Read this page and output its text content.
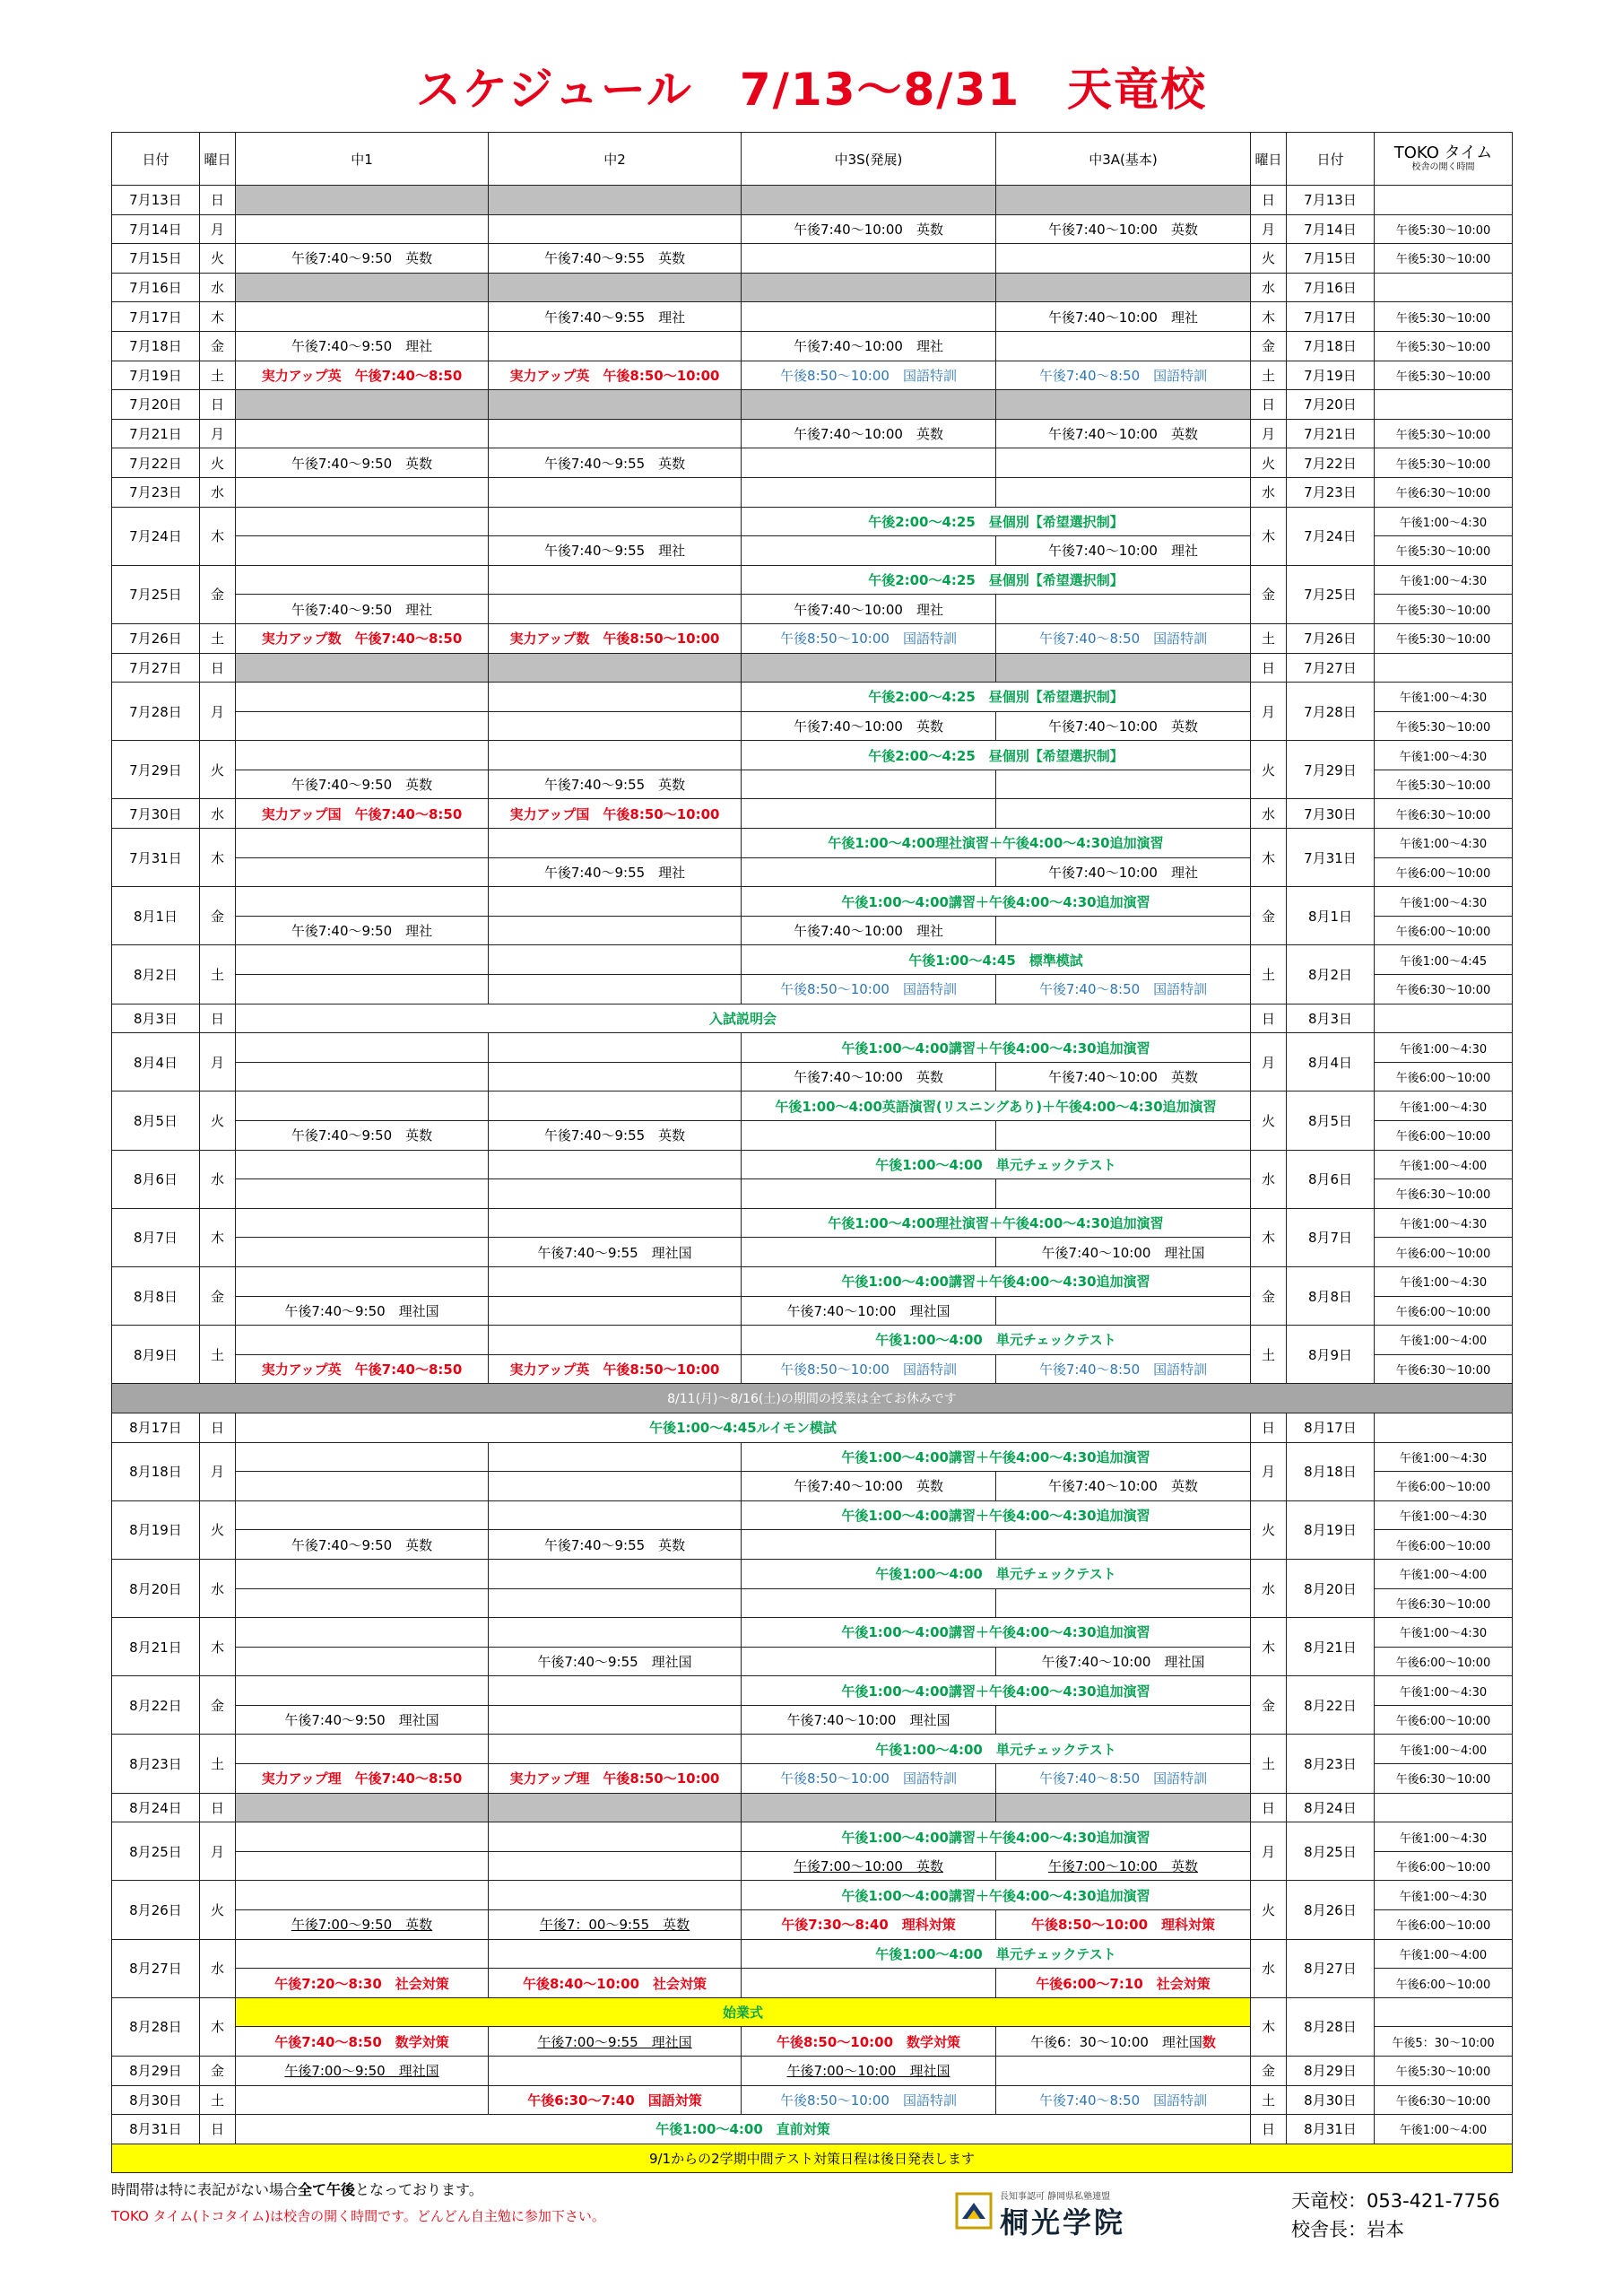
スケジュール　7/13～8/31　天竜校
日付	曜日	中1	中2	中3S(発展)	中3A(基本)	曜日	日付	TOKO タイム
校舎の開く時間

7月13日	日					日	7月13日	
7月14日	月			午後7:40～10:00　英数	午後7:40～10:00　英数	月	7月14日	午後5:30～10:00
7月15日	火	午後7:40～9:50　英数	午後7:40～9:55　英数			火	7月15日	午後5:30～10:00
7月16日	水					水	7月16日	
7月17日	木		午後7:40～9:55　理社		午後7:40～10:00　理社	木	7月17日	午後5:30～10:00
7月18日	金	午後7:40～9:50　理社		午後7:40～10:00　理社		金	7月18日	午後5:30～10:00
7月19日	土	実力アップ英　午後7:40～8:50	実力アップ英　午後8:50～10:00	午後8:50～10:00　国語特訓	午後7:40～8:50　国語特訓	土	7月19日	午後5:30～10:00
7月20日	日					日	7月20日	
7月21日	月			午後7:40～10:00　英数	午後7:40～10:00　英数	月	7月21日	午後5:30～10:00
7月22日	火	午後7:40～9:50　英数	午後7:40～9:55　英数			火	7月22日	午後5:30～10:00
7月23日	水					水	7月23日	午後6:30～10:00
7月24日	木			午後2:00～4:25　昼個別【希望選択制】		木	7月24日	午後1:00～4:30
			午後7:40～9:55　理社		午後7:40～10:00　理社			午後5:30～10:00
7月25日	金			午後2:00～4:25　昼個別【希望選択制】		金	7月25日	午後1:00～4:30
		午後7:40～9:50　理社		午後7:40～10:00　理社				午後5:30～10:00
7月26日	土	実力アップ数　午後7:40～8:50	実力アップ数　午後8:50～10:00	午後8:50～10:00　国語特訓	午後7:40～8:50　国語特訓	土	7月26日	午後5:30～10:00
7月27日	日					日	7月27日	
7月28日	月			午後2:00～4:25　昼個別【希望選択制】		月	7月28日	午後1:00～4:30
				午後7:40～10:00　英数	午後7:40～10:00　英数			午後5:30～10:00
7月29日	火			午後2:00～4:25　昼個別【希望選択制】		火	7月29日	午後1:00～4:30
		午後7:40～9:50　英数	午後7:40～9:55　英数					午後5:30～10:00
7月30日	水	実力アップ国　午後7:40～8:50	実力アップ国　午後8:50～10:00			水	7月30日	午後6:30～10:00
7月31日	木			午後1:00～4:00理社演習＋午後4:00～4:30追加演習		木	7月31日	午後1:00～4:30
			午後7:40～9:55　理社		午後7:40～10:00　理社			午後6:00～10:00
8月1日	金			午後1:00～4:00講習＋午後4:00～4:30追加演習		金	8月1日	午後1:00～4:30
		午後7:40～9:50　理社		午後7:40～10:00　理社				午後6:00～10:00
8月2日	土			午後1:00～4:45　標準模試		土	8月2日	午後1:00～4:45
				午後8:50～10:00　国語特訓	午後7:40～8:50　国語特訓			午後6:30～10:00
8月3日	日	入試説明会				日	8月3日	
8月4日	月			午後1:00～4:00講習＋午後4:00～4:30追加演習		月	8月4日	午後1:00～4:30
				午後7:40～10:00　英数	午後7:40～10:00　英数			午後6:00～10:00
8月5日	火			午後1:00～4:00英語演習(リスニングあり)＋午後4:00～4:30追加演習		火	8月5日	午後1:00～4:30
		午後7:40～9:50　英数	午後7:40～9:55　英数					午後6:00～10:00
8月6日	水			午後1:00～4:00　単元チェックテスト		水	8月6日	午後1:00～4:00
								午後6:30～10:00
8月7日	木			午後1:00～4:00理社演習＋午後4:00～4:30追加演習		木	8月7日	午後1:00～4:30
			午後7:40～9:55　理社国		午後7:40～10:00　理社国			午後6:00～10:00
8月8日	金			午後1:00～4:00講習＋午後4:00～4:30追加演習		金	8月8日	午後1:00～4:30
		午後7:40～9:50　理社国		午後7:40～10:00　理社国				午後6:00～10:00
8月9日	土			午後1:00～4:00　単元チェックテスト		土	8月9日	午後1:00～4:00
		実力アップ英　午後7:40～8:50	実力アップ英　午後8:50～10:00	午後8:50～10:00　国語特訓	午後7:40～8:50　国語特訓			午後6:30～10:00
8/11(月)～8/16(土)の期間の授業は全てお休みです								
8月17日	日	午後1:00～4:45ルイモン模試				日	8月17日	
8月18日	月			午後1:00～4:00講習＋午後4:00～4:30追加演習		月	8月18日	午後1:00～4:30
				午後7:40～10:00　英数	午後7:40～10:00　英数			午後6:00～10:00
8月19日	火			午後1:00～4:00講習＋午後4:00～4:30追加演習		火	8月19日	午後1:00～4:30
		午後7:40～9:50　英数	午後7:40～9:55　英数					午後6:00～10:00
8月20日	水			午後1:00～4:00　単元チェックテスト		水	8月20日	午後1:00～4:00
								午後6:30～10:00
8月21日	木			午後1:00～4:00講習＋午後4:00～4:30追加演習		木	8月21日	午後1:00～4:30
			午後7:40～9:55　理社国		午後7:40～10:00　理社国			午後6:00～10:00
8月22日	金			午後1:00～4:00講習＋午後4:00～4:30追加演習		金	8月22日	午後1:00～4:30
		午後7:40～9:50　理社国		午後7:40～10:00　理社国				午後6:00～10:00
8月23日	土			午後1:00～4:00　単元チェックテスト		土	8月23日	午後1:00～4:00
		実力アップ理　午後7:40～8:50	実力アップ理　午後8:50～10:00	午後8:50～10:00　国語特訓	午後7:40～8:50　国語特訓			午後6:30～10:00
8月24日	日					日	8月24日	
8月25日	月			午後1:00～4:00講習＋午後4:00～4:30追加演習		月	8月25日	午後1:00～4:30
				午後7:00～10:00　英数	午後7:00～10:00　英数			午後6:00～10:00
8月26日	火			午後1:00～4:00講習＋午後4:00～4:30追加演習		火	8月26日	午後1:00～4:30
		午後7:00～9:50　英数	午後7：00～9:55　英数	午後7:30～8:40　理科対策	午後8:50～10:00　理科対策			午後6:00～10:00
8月27日	水			午後1:00～4:00　単元チェックテスト		水	8月27日	午後1:00～4:00
		午後7:20～8:30　社会対策	午後8:40～10:00　社会対策		午後6:00～7:10　社会対策			午後6:00～10:00
8月28日	木	始業式				木	8月28日	
		午後7:40～8:50　数学対策	午後7:00～9:55　理社国	午後8:50～10:00　数学対策	午後6：30～10:00　理社国数			午後5：30～10:00
8月29日	金	午後7:00～9:50　理社国		午後7:00～10:00　理社国		金	8月29日	午後5:30～10:00
8月30日	土		午後6:30～7:40　国語対策	午後8:50～10:00　国語特訓	午後7:40～8:50　国語特訓	土	8月30日	午後6:30～10:00
8月31日	日	午後1:00～4:00　直前対策				日	8月31日	午後1:00～4:00
9/1からの2学期中間テスト対策日程は後日発表します								
時間帯は特に表記がない場合全て午後となっております。
TOKO タイム(トコタイム)は校舎の開く時間です。どんどん自主勉に参加下さい。
長知事認可 静岡県私塾連盟
桐光学院
天竜校：053-421-7756
校舎長：岩本
